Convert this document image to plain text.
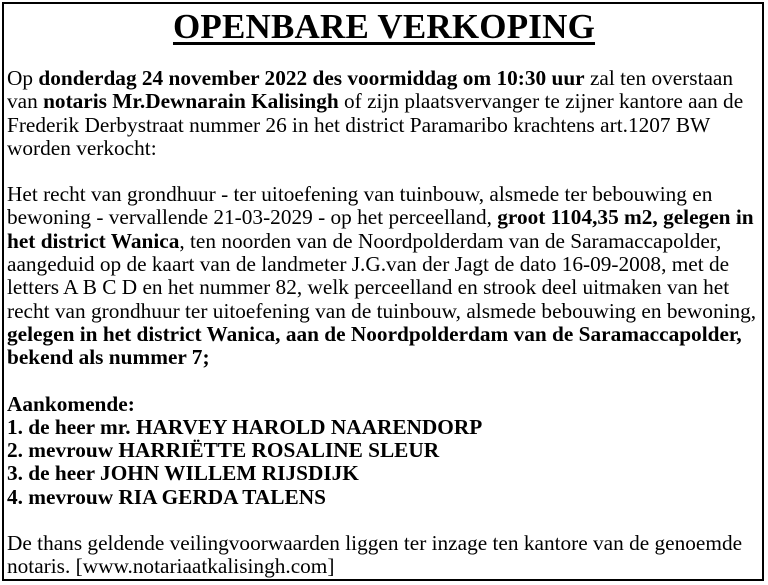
OPENBARE VERKOPING

Op donderdag 24 november 2022 des voormiddag om 10:30 uur zal ten overstaan van notaris Mr.Dewnarain Kalisingh of zijn plaatsvervanger te zijner kantore aan de Frederik Derbystraat nummer 26 in het district Paramaribo krachtens art.1207 BW worden verkocht:

Het recht van grondhuur - ter uitoefening van tuinbouw, alsmede ter bebouwing en bewoning - vervallende 21-03-2029 - op het perceelland, groot 1104,35 m2, gelegen in het district Wanica, ten noorden van de Noordpolderdam van de Saramaccapolder, aangeduid op de kaart van de landmeter J.G.van der Jagt de dato 16-09-2008, met de letters A B C D en het nummer 82, welk perceelland en strook deel uitmaken van het recht van grondhuur ter uitoefening van de tuinbouw, alsmede bebouwing en bewoning, gelegen in het district Wanica, aan de Noordpolderdam van de Saramaccapolder, bekend als nummer 7;

Aankomende:
1. de heer mr. HARVEY HAROLD NAARENDORP
2. mevrouw HARRIËTTE ROSALINE SLEUR
3. de heer JOHN WILLEM RIJSDIJK
4. mevrouw RIA GERDA TALENS

De thans geldende veilingvoorwaarden liggen ter inzage ten kantore van de genoemde notaris. [www.notariaatkalisingh.com]
